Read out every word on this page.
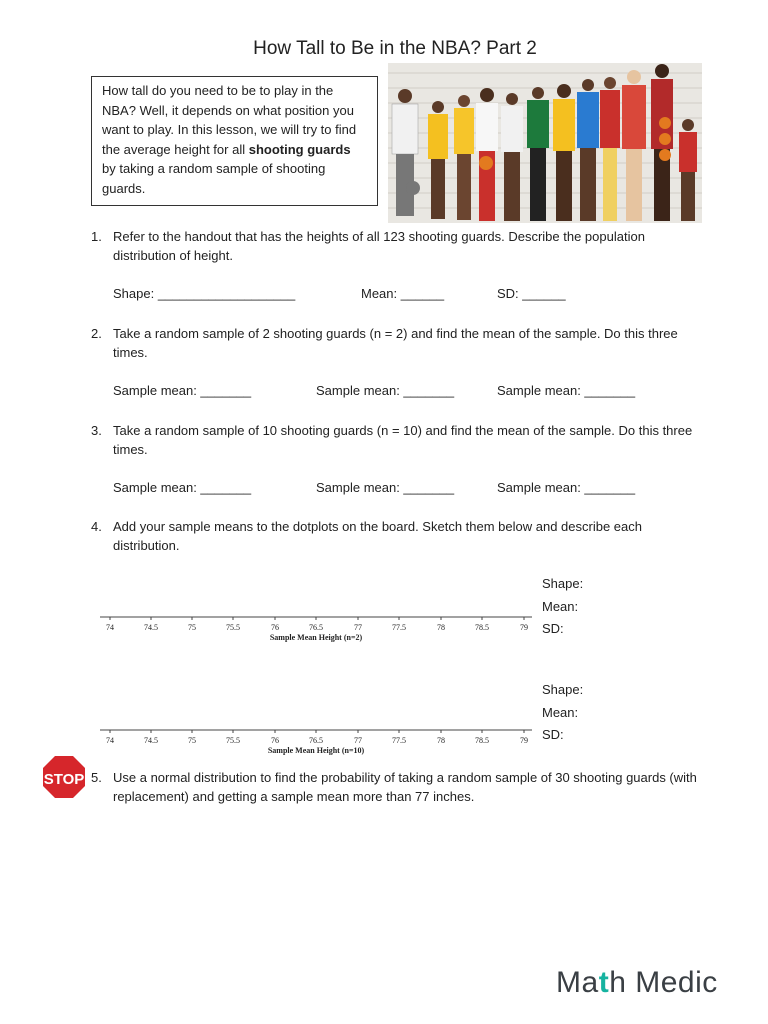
How Tall to Be in the NBA? Part 2
How tall do you need to be to play in the NBA? Well, it depends on what position you want to play. In this lesson, we will try to find the average height for all shooting guards by taking a random sample of shooting guards.
1. Refer to the handout that has the heights of all 123 shooting guards. Describe the population distribution of height.
Shape: ___________________	Mean: ______	SD: ______
2. Take a random sample of 2 shooting guards (n = 2) and find the mean of the sample. Do this three times.
Sample mean: _______	Sample mean: _______	Sample mean: _______
3. Take a random sample of 10 shooting guards (n = 10) and find the mean of the sample. Do this three times.
Sample mean: _______	Sample mean: _______	Sample mean: _______
4. Add your sample means to the dotplots on the board. Sketch them below and describe each distribution.
Shape:
Mean:
SD:
74	74.5	75	75.5	76	76.5	77	77.5	78	78.5	79
Sample Mean Height (n=2)
Shape:
Mean:
SD:
74	74.5	75	75.5	76	76.5	77	77.5	78	78.5	79
Sample Mean Height (n=10)
STOP 5. Use a normal distribution to find the probability of taking a random sample of 30 shooting guards (with replacement) and getting a sample mean more than 77 inches.
Math Medic
